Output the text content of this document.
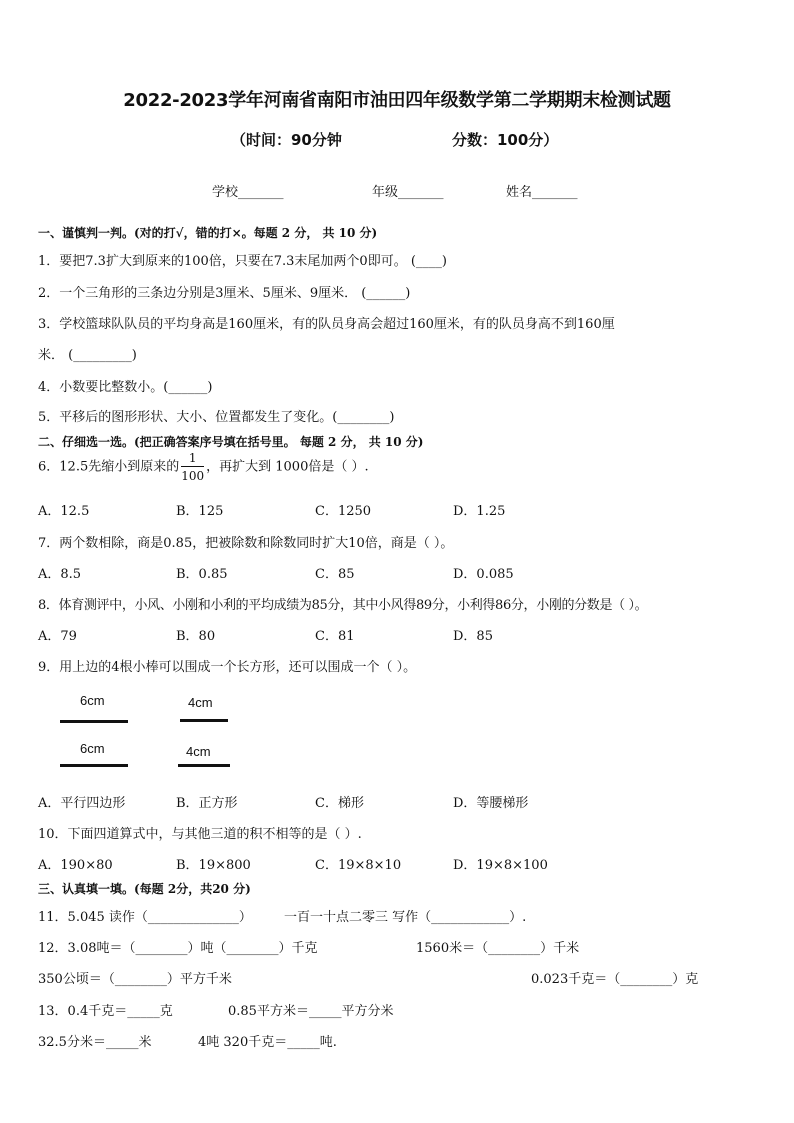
2022-2023学年河南省南阳市油田四年级数学第二学期期末检测试题
（时间：90分钟	分数：100分）
学校_______	年级_______	姓名_______
一、谨慎判一判。(对的打√，错的打×。每题 2 分， 共 10 分)
1．要把7.3扩大到原来的100倍，只要在7.3末尾加两个0即可。 (____)
2．一个三角形的三条边分别是3厘米、5厘米、9厘米． (______)
3．学校篮球队队员的平均身高是160厘米，有的队员身高会超过160厘米，有的队员身高不到160厘
米． (_________)
4．小数要比整数小。(______)
5．平移后的图形形状、大小、位置都发生了变化。(________)
二、仔细选一选。(把正确答案序号填在括号里。 每题 2 分， 共 10 分)
6．12.5先缩小到原来的 $\frac{1}{100}$ ，再扩大到 1000倍是（ ）.
A．12.5	B．125	C．1250	D．1.25
7．两个数相除，商是0.85，把被除数和除数同时扩大10倍，商是（ ）。
A．8.5	B．0.85	C．85	D．0.085
8．体育测评中，小风、小刚和小利的平均成绩为85分，其中小风得89分，小利得86分，小刚的分数是（ ）。
A．79	B．80	C．81	D．85
9．用上边的4根小棒可以围成一个长方形，还可以围成一个（ ）。
6cm	4cm
6cm	4cm
A．平行四边形	B．正方形	C．梯形	D．等腰梯形
10．下面四道算式中，与其他三道的积不相等的是（ ）.
A．190×80	B．19×800	C．19×8×10	D．19×8×100
三、认真填一填。(每题 2分，共20 分)
11．5.045 读作（______________） 一百一十点二零三 写作（____________）.
12．3.08吨＝（________）吨（________）千克	1560米＝（________）千米
350公顷＝（________）平方千米	0.023千克＝（________）克
13．0.4千克＝_____克	0.85平方米＝_____平方分米
32.5分米＝_____米	4吨 320千克＝_____吨.
